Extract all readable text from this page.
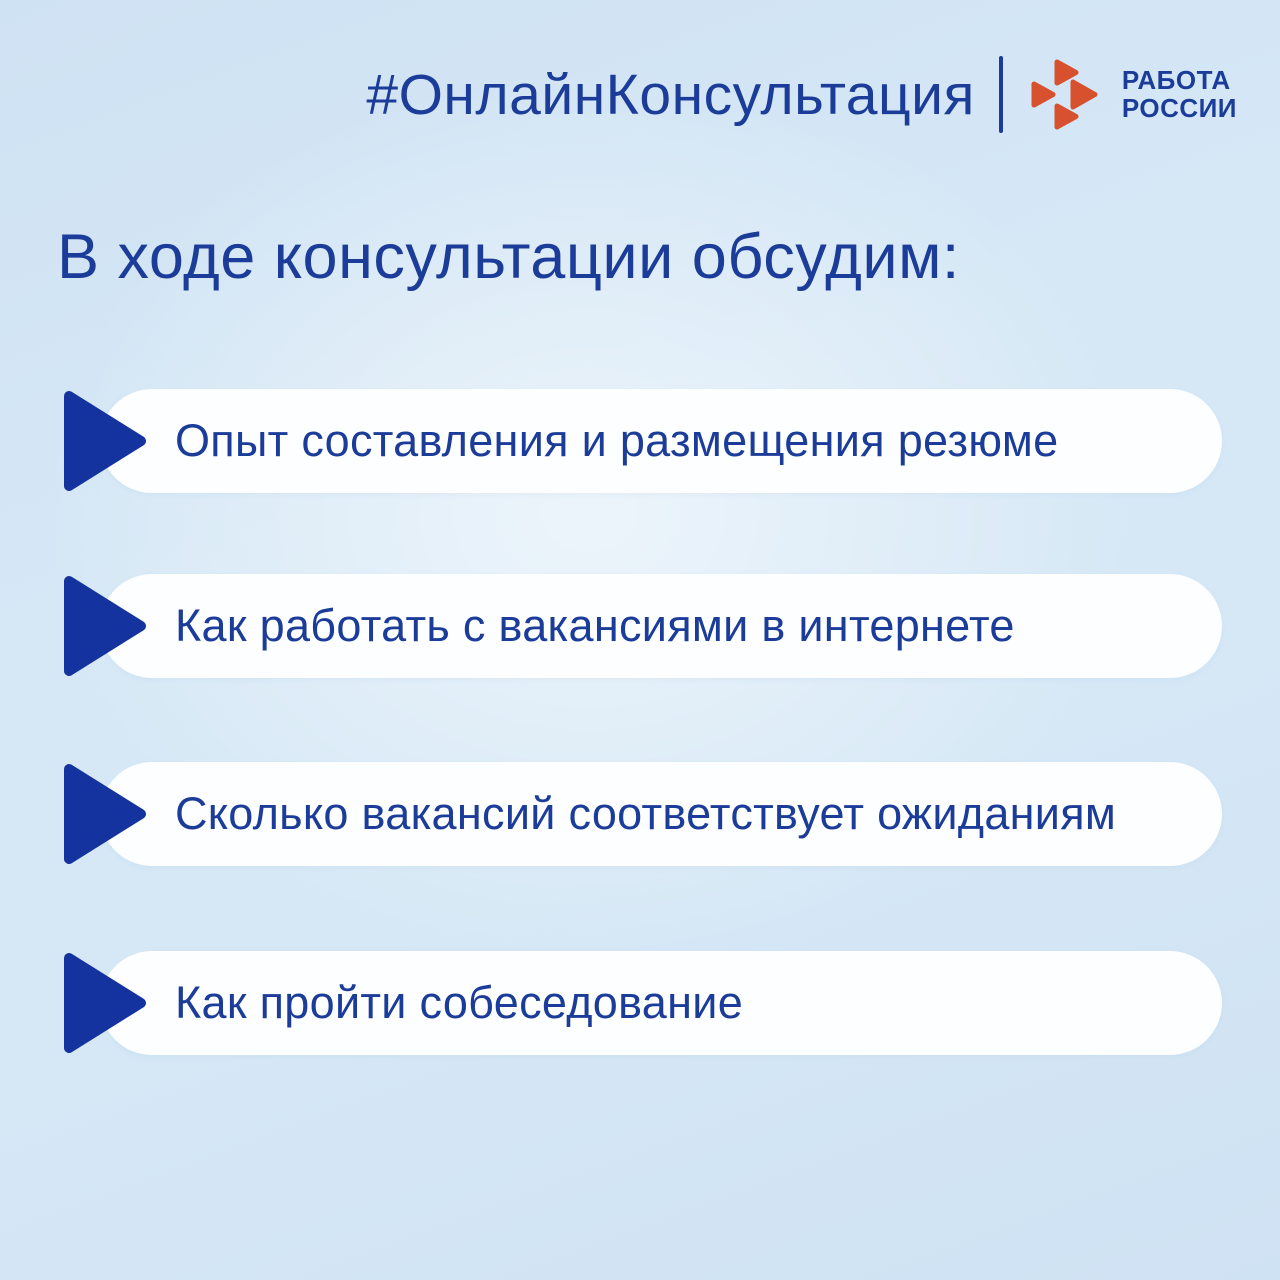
#ОнлайнКонсультация	РАБОТА
РОССИИ
В ходе консультации обсудим:
Опыт составления и размещения резюме
Как работать с вакансиями в интернете
Сколько вакансий соответствует ожиданиям
Как пройти собеседование
